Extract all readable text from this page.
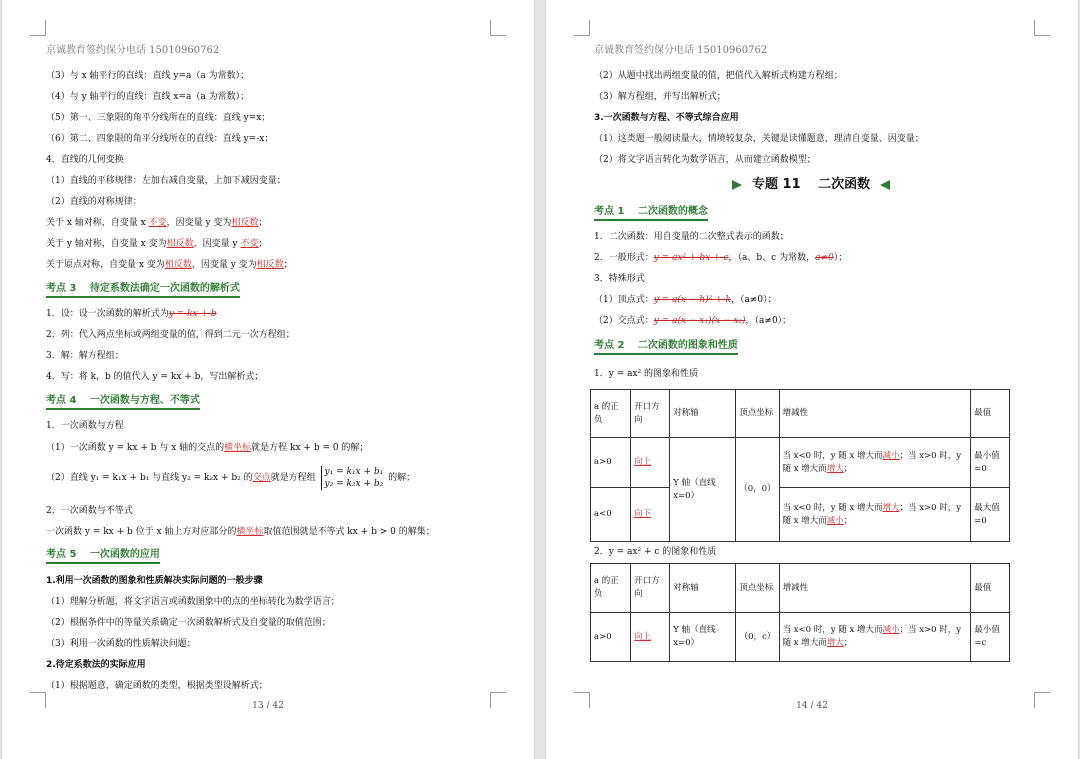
京诚教育签约保分电话 15010960762
（3）与 x 轴平行的直线：直线 y=a（a 为常数）；
（4）与 y 轴平行的直线：直线 x=a（a 为常数）；
（5）第一、三象限的角平分线所在的直线：直线 y=x；
（6）第二、四象限的角平分线所在的直线：直线 y=-x；
4．直线的几何变换
（1）直线的平移规律：左加右减自变量，上加下减因变量；
（2）直线的对称规律：
关于 x 轴对称，自变量 x 不变，因变量 y 变为相反数；
关于 y 轴对称，自变量 x 变为相反数，因变量 y 不变；
关于原点对称，自变量 x 变为相反数，因变量 y 变为相反数；
考点 3　 待定系数法确定一次函数的解析式
1．设：设一次函数的解析式为y = kx + b
2．列：代入两点坐标或两组变量的值，得到二元一次方程组；
3．解：解方程组；
4．写：将 k，b 的值代入 y = kx + b，写出解析式；
考点 4　 一次函数与方程、不等式
1．一次函数与方程
（1）一次函数 y = kx + b 与 x 轴的交点的横坐标就是方程 kx + b = 0 的解；
（2）直线 y₁ = k₁x + b₁ 与直线 y₂ = k₂x + b₂ 的交点就是方程组 y₁ = k₁x + b₁
y₂ = k₂x + b₂ 的解；
2．一次函数与不等式
一次函数 y = kx + b 位于 x 轴上方对应部分的横坐标取值范围就是不等式 kx + b > 0 的解集；
考点 5　 一次函数的应用
1.利用一次函数的图象和性质解决实际问题的一般步骤
（1）理解分析题，将文字语言或函数图象中的点的坐标转化为数学语言；
（2）根据条件中的等量关系确定一次函数解析式及自变量的取值范围；
（3）利用一次函数的性质解决问题；
2.待定系数法的实际应用
（1）根据题意，确定函数的类型，根据类型设解析式；
13 / 42
京诚教育签约保分电话 15010960762
（2）从题中找出两组变量的值，把值代入解析式构建方程组；
（3）解方程组，并写出解析式；
3.一次函数与方程、不等式综合应用
（1）这类题一般阅读量大，情境较复杂，关键是读懂题意，理清自变量、因变量；
（2）将文字语言转化为数学语言，从而建立函数模型；
专题 11　 二次函数
考点 1　 二次函数的概念
1．二次函数：用自变量的二次整式表示的函数；
2．一般形式：y = ax² + bx + c，（a、b、c 为常数，a≠0）；
3．特殊形式
（1）顶点式：y = a(x − h)² + k，（a≠0）；
（2）交点式：y = a(x − x₁)(x − x₂)，（a≠0）；
考点 2　 二次函数的图象和性质
1．y = ax² 的图象和性质
a 的正负	开口方向	对称轴	顶点坐标	增减性	最值
a>0	向上	Y 轴（直线 x=0）	（0，0）	当 x<0 时，y 随 x 增大而减小；当 x>0 时，y 随 x 增大而增大；	最小值 =0
a<0	向下			当 x<0 时，y 随 x 增大而增大；当 x>0 时，y 随 x 增大而减小；	最大值 =0
2．y = ax² + c 的图象和性质
a 的正负	开口方向	对称轴	顶点坐标	增减性	最值
a>0	向上	Y 轴（直线 x=0）	（0，c）	当 x<0 时，y 随 x 增大而减小；当 x>0 时，y 随 x 增大而增大；	最小值 =c
14 / 42
